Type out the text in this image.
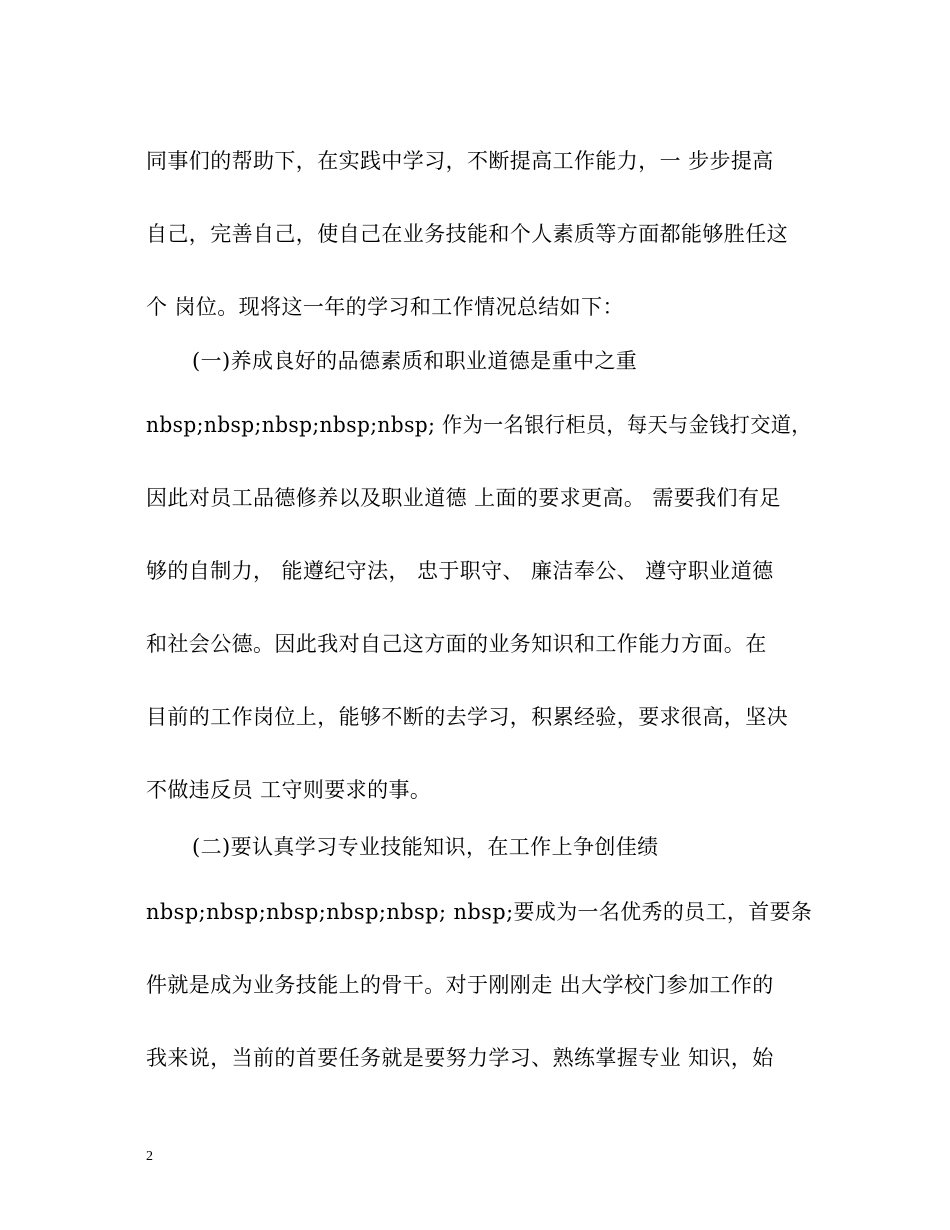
同事们的帮助下，在实践中学习，不断提高工作能力，一 步步提高
自己，完善自己，使自己在业务技能和个人素质等方面都能够胜任这
个 岗位。现将这一年的学习和工作情况总结如下：
(一)养成良好的品德素质和职业道德是重中之重
nbsp;nbsp;nbsp;nbsp;nbsp; 作为一名银行柜员，每天与金钱打交道，
因此对员工品德修养以及职业道德 上面的要求更高。 需要我们有足
够的自制力， 能遵纪守法， 忠于职守、 廉洁奉公、 遵守职业道德
和社会公德。因此我对自己这方面的业务知识和工作能力方面。在
目前的工作岗位上，能够不断的去学习，积累经验，要求很高，坚决
不做违反员 工守则要求的事。
(二)要认真学习专业技能知识，在工作上争创佳绩
nbsp;nbsp;nbsp;nbsp;nbsp; nbsp;要成为一名优秀的员工，首要条
件就是成为业务技能上的骨干。对于刚刚走 出大学校门参加工作的
我来说，当前的首要任务就是要努力学习、熟练掌握专业 知识，始
2
